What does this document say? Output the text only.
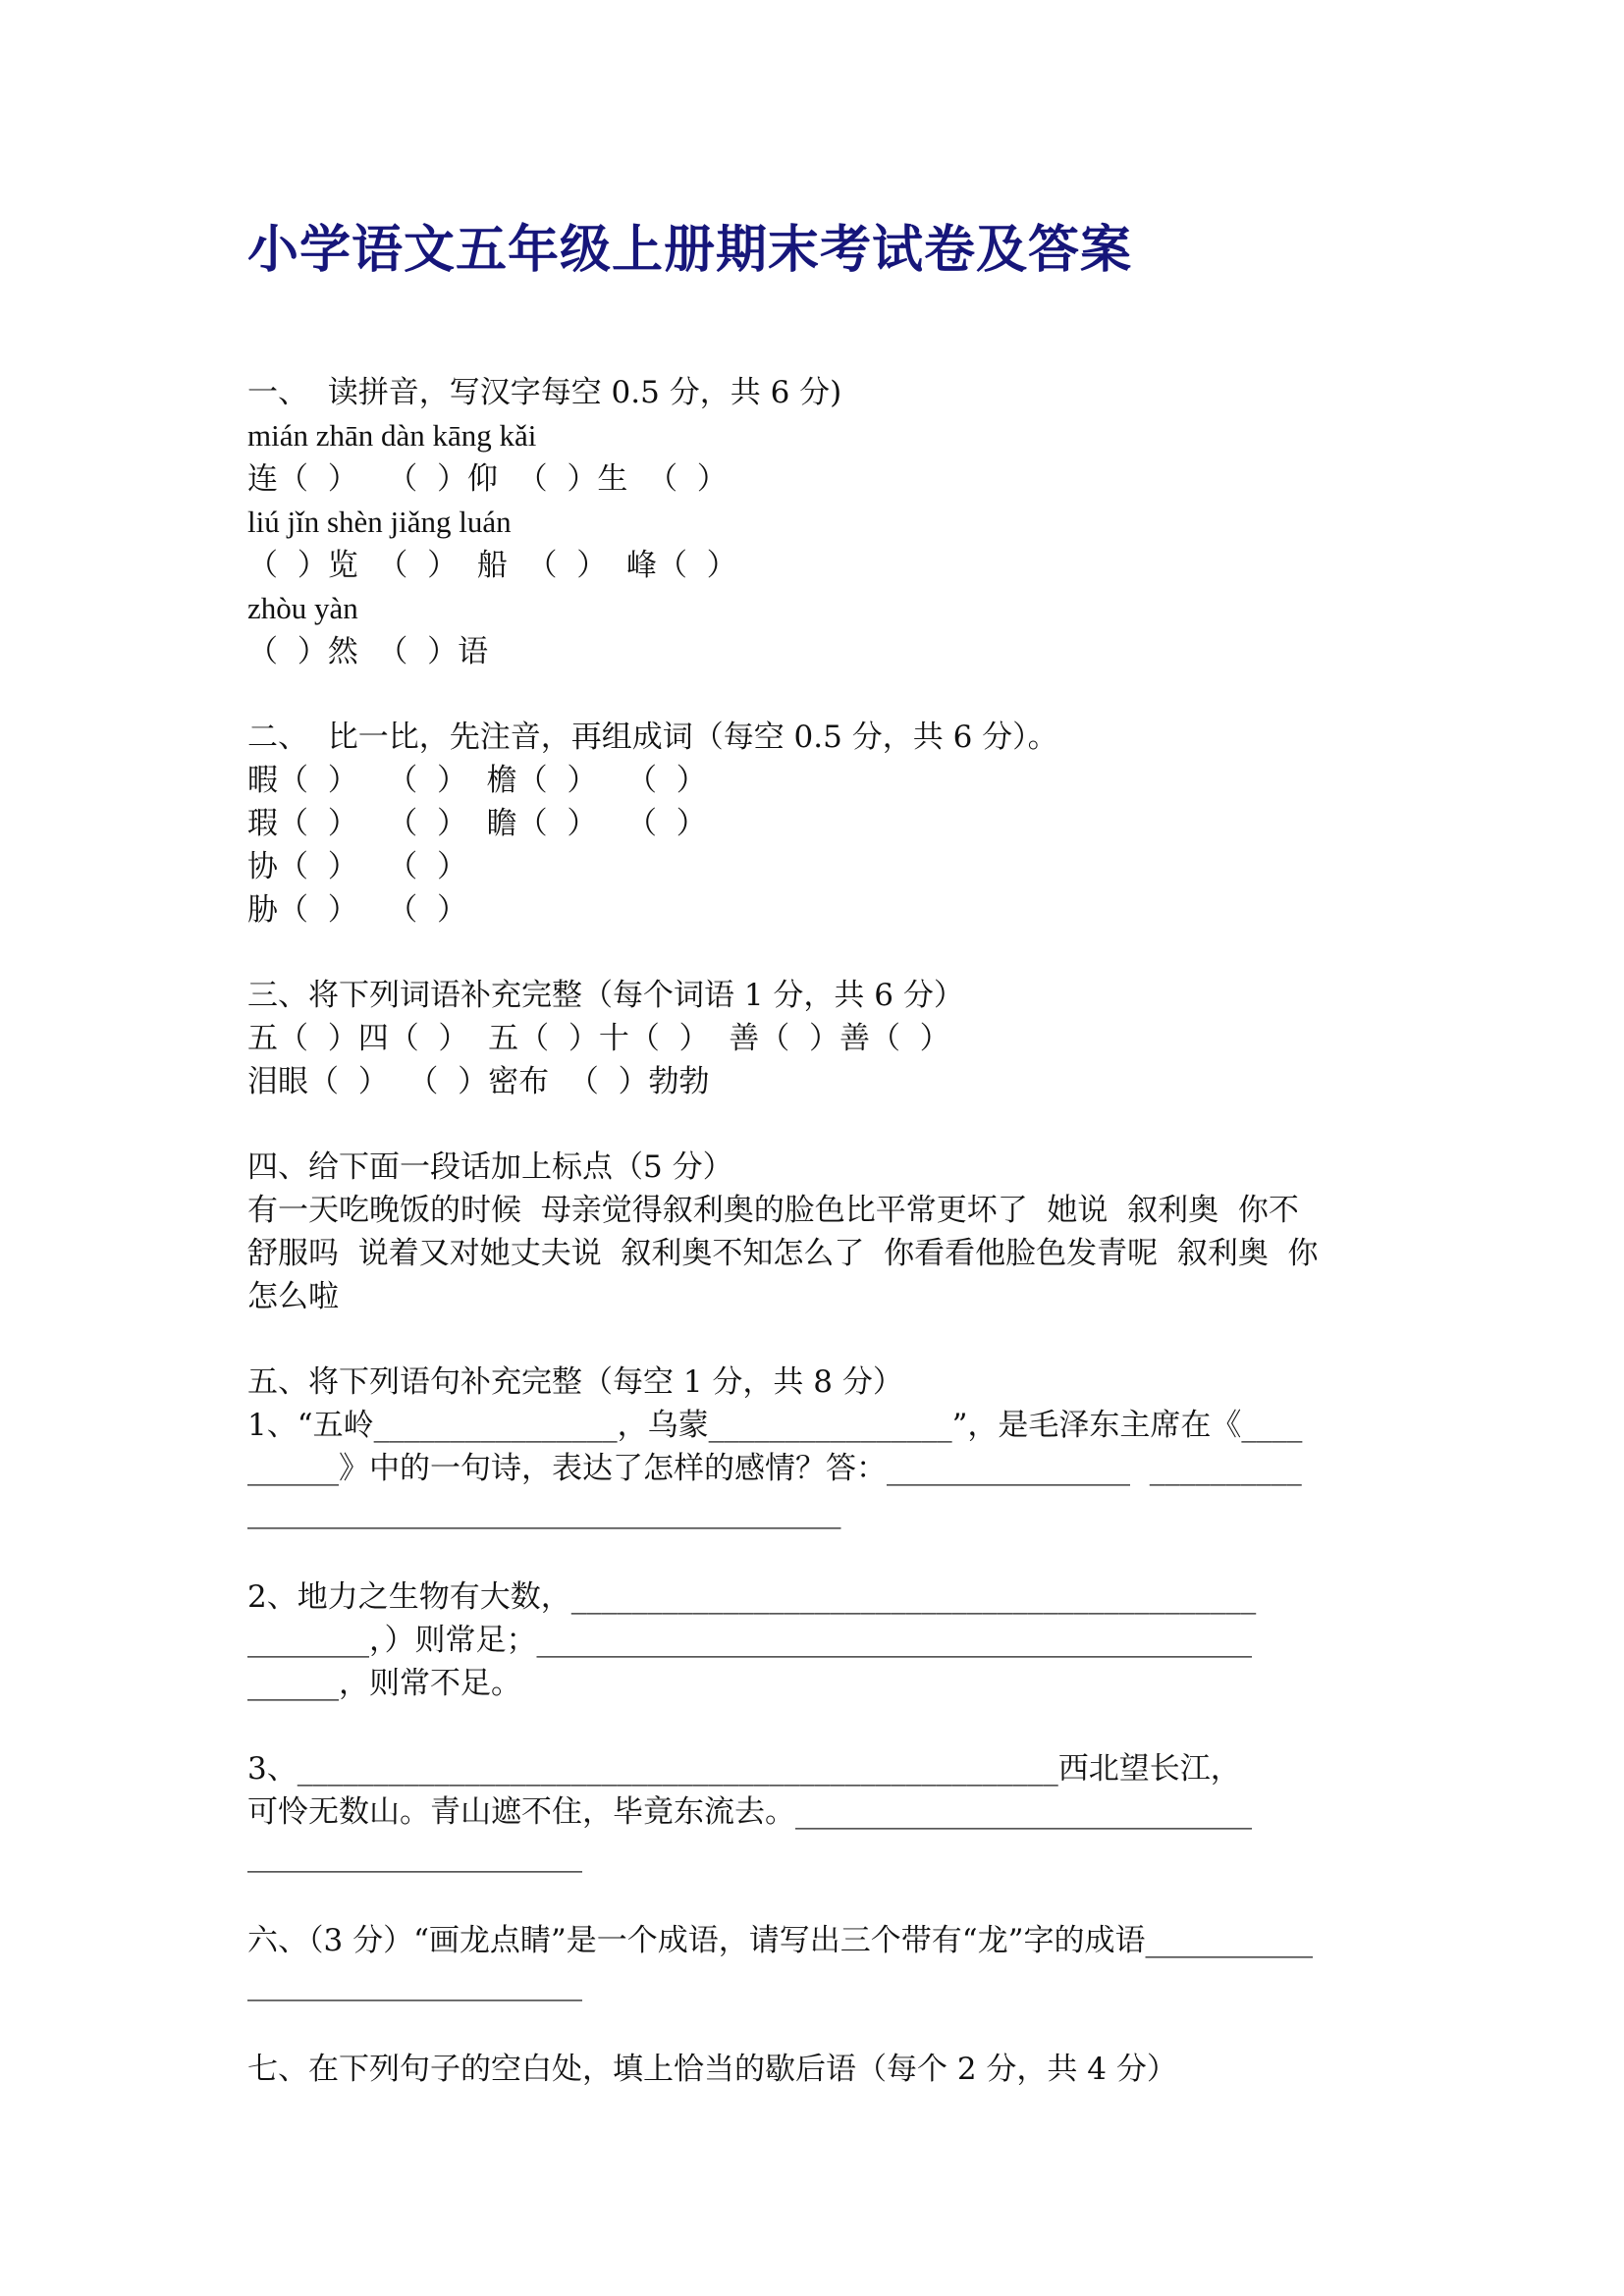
小学语文五年级上册期末考试卷及答案

一、  读拼音，写汉字每空 0.5 分，共 6 分)

mián zhān dàn kāng kǎi

连（  ）   （  ）仰  （  ）生  （  ）

liú jǐn shèn jiǎng luán

（  ）览  （  ）  船  （  ）  峰（  ）

zhòu yàn

（  ）然  （  ）语

二、  比一比，先注音，再组成词（每空 0.5 分，共 6 分）。

暇（  ）   （  ）  檐（  ）   （  ）

瑕（  ）   （  ）  瞻（  ）   （  ）

协（  ）   （  ）

胁（  ）   （  ）

三、将下列词语补充完整（每个词语 1 分，共 6 分）

五（  ）四（  ）  五（  ）十（  ）  善（  ）善（  ）

泪眼（  ）  （  ）密布  （  ）勃勃

四、给下面一段话加上标点（5 分）

有一天吃晚饭的时候  母亲觉得叙利奥的脸色比平常更坏了  她说  叙利奥  你不

舒服吗  说着又对她丈夫说  叙利奥不知怎么了  你看看他脸色发青呢  叙利奥  你

怎么啦

五、将下列语句补充完整（每空 1 分，共 8 分）

1、“五岭________________，乌蒙________________”，是毛泽东主席在《____

______》中的一句诗，表达了怎样的感情？答：________________  __________

_______________________________________

2、地力之生物有大数，_____________________________________________

________，）则常足；_______________________________________________

______，则常不足。

3、__________________________________________________西北望长江，

可怜无数山。青山遮不住，毕竟东流去。______________________________

______________________

六、（3 分）“画龙点睛”是一个成语，请写出三个带有“龙”字的成语___________

______________________

七、在下列句子的空白处，填上恰当的歇后语（每个 2 分，共 4 分）
